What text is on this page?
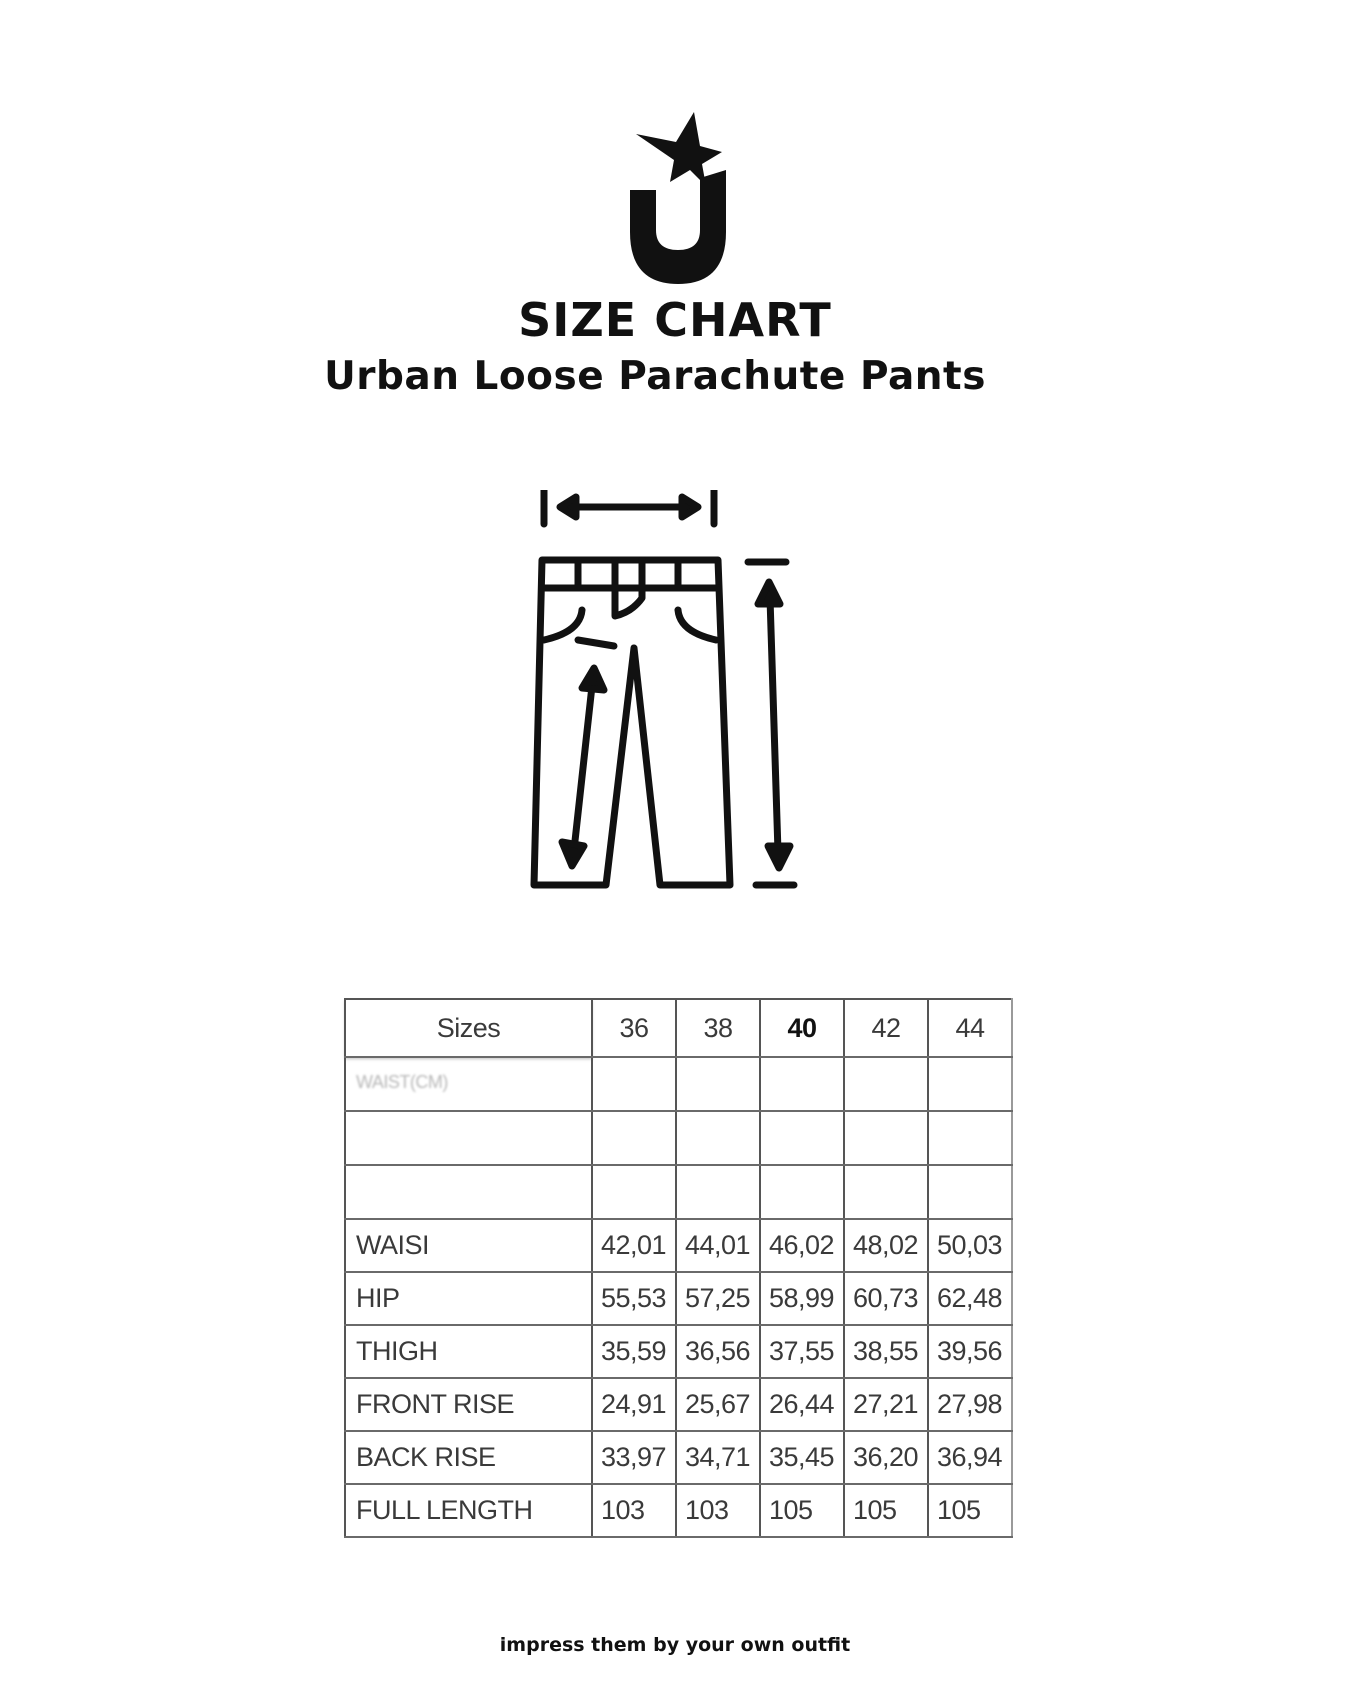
SIZE CHART
Urban Loose Parachute Pants
Sizes	36	38	40	42	44
WAIST(CM)					

WAISI	42,01	44,01	46,02	48,02	50,03
HIP	55,53	57,25	58,99	60,73	62,48
THIGH	35,59	36,56	37,55	38,55	39,56
FRONT RISE	24,91	25,67	26,44	27,21	27,98
BACK RISE	33,97	34,71	35,45	36,20	36,94
FULL LENGTH	103	103	105	105	105

impress them by your own outfit
